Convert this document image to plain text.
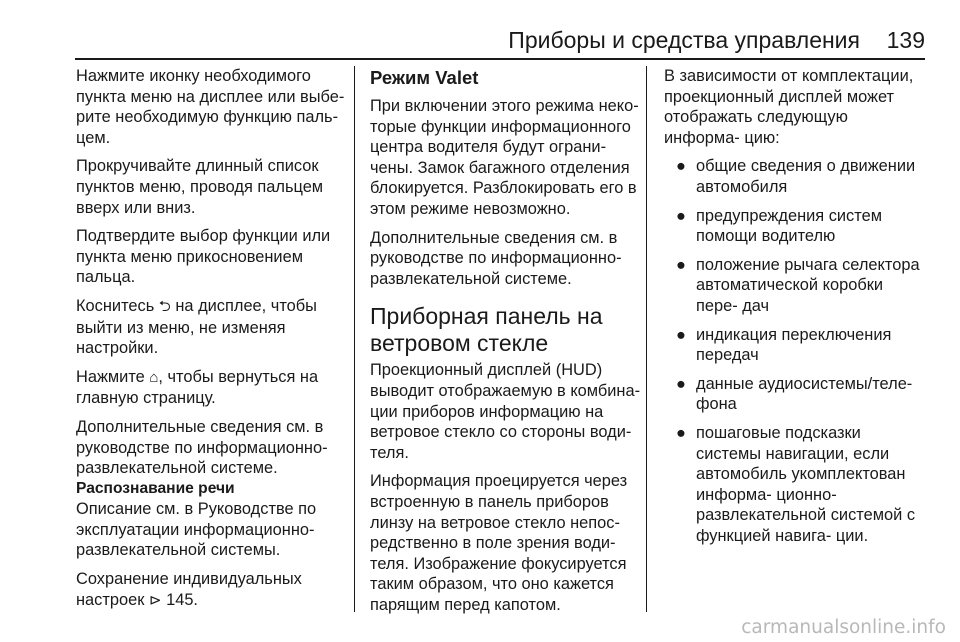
Приборы и средства управления 139

Нажмите иконку необходимого пункта меню на дисплее или выбе‐ рите необходимую функцию паль‐ цем.

Прокручивайте длинный список пунктов меню, проводя пальцем вверх или вниз.

Подтвердите выбор функции или пункта меню прикосновением пальца.

Коснитесь ⮌ на дисплее, чтобы выйти из меню, не изменяя настройки.

Нажмите ⌂, чтобы вернуться на главную страницу.

Дополнительные сведения см. в руководстве по информационно‐ развлекательной системе.

Распознавание речи

Описание см. в Руководстве по эксплуатации информационно‐ развлекательной системы.

Сохранение индивидуальных настроек ⊳ 145.

Режим Valet

При включении этого режима неко‐ торые функции информационного центра водителя будут ограни‐ чены. Замок багажного отделения блокируется. Разблокировать его в этом режиме невозможно.

Дополнительные сведения см. в руководстве по информационно‐ развлекательной системе.

Приборная панель на ветровом стекле

Проекционный дисплей (HUD) выводит отображаемую в комбина‐ ции приборов информацию на ветровое стекло со стороны води‐ теля.

Информация проецируется через встроенную в панель приборов линзу на ветровое стекло непос‐ редственно в поле зрения води‐ теля. Изображение фокусируется таким образом, что оно кажется парящим перед капотом.

В зависимости от комплектации, проекционный дисплей может отображать следующую информа‐ цию:

● общие сведения о движении автомобиля
● предупреждения систем помощи водителю
● положение рычага селектора автоматической коробки пере‐ дач
● индикация переключения передач
● данные аудиосистемы/теле‐ фона
● пошаговые подсказки системы навигации, если автомобиль укомплектован информа‐ ционно-развлекательной системой с функцией навига‐ ции.
carmanualsonline.info
